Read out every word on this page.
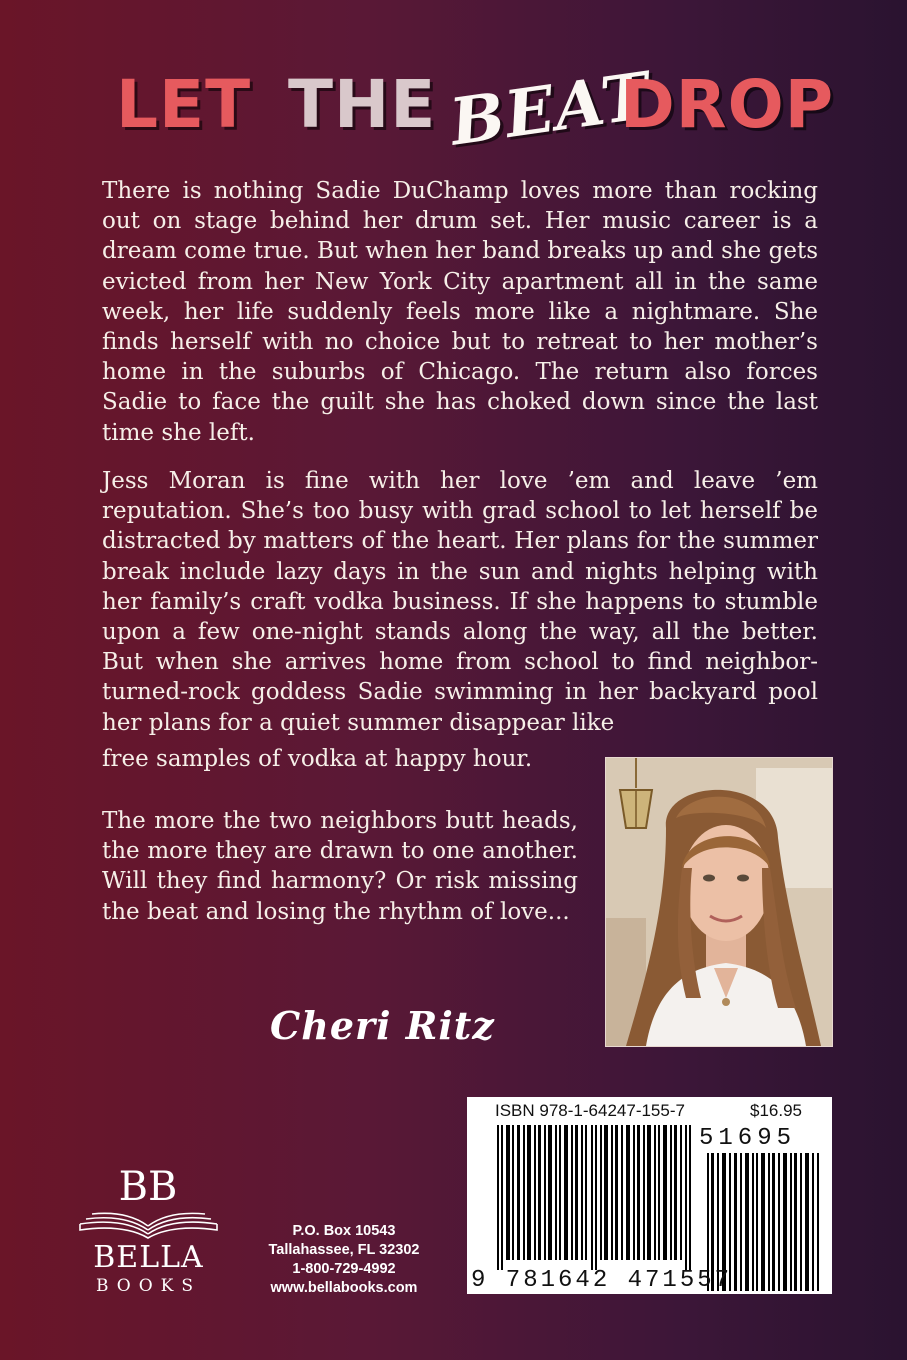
LET THE BEAT
DROP

There is nothing Sadie DuChamp loves more than rocking out on stage behind her drum set. Her music career is a dream come true. But when her band breaks up and she gets evicted from her New York City apartment all in the same week, her life suddenly feels more like a nightmare. She finds herself with no choice but to retreat to her mother’s home in the suburbs of Chicago. The return also forces Sadie to face the guilt she has choked down since the last time she left.

Jess Moran is fine with her love ’em and leave ’em reputation. She’s too busy with grad school to let herself be distracted by matters of the heart. Her plans for the summer break include lazy days in the sun and nights helping with her family’s craft vodka business. If she happens to stumble upon a few one-night stands along the way, all the better. But when she arrives home from school to find neighbor-turned-rock goddess Sadie swimming in her backyard pool her plans for a quiet summer disappear like

free samples of vodka at happy hour.

The more the two neighbors butt heads, the more they are drawn to one another. Will they find harmony? Or risk missing the beat and losing the rhythm of love...

Cheri Ritz
ISBN 978-1-64247-155-7	$16.95
51695
9 781642 471557
BB
BELLA
BOOKS
P.O. Box 10543
Tallahassee, FL 32302
1-800-729-4992
www.bellabooks.com
